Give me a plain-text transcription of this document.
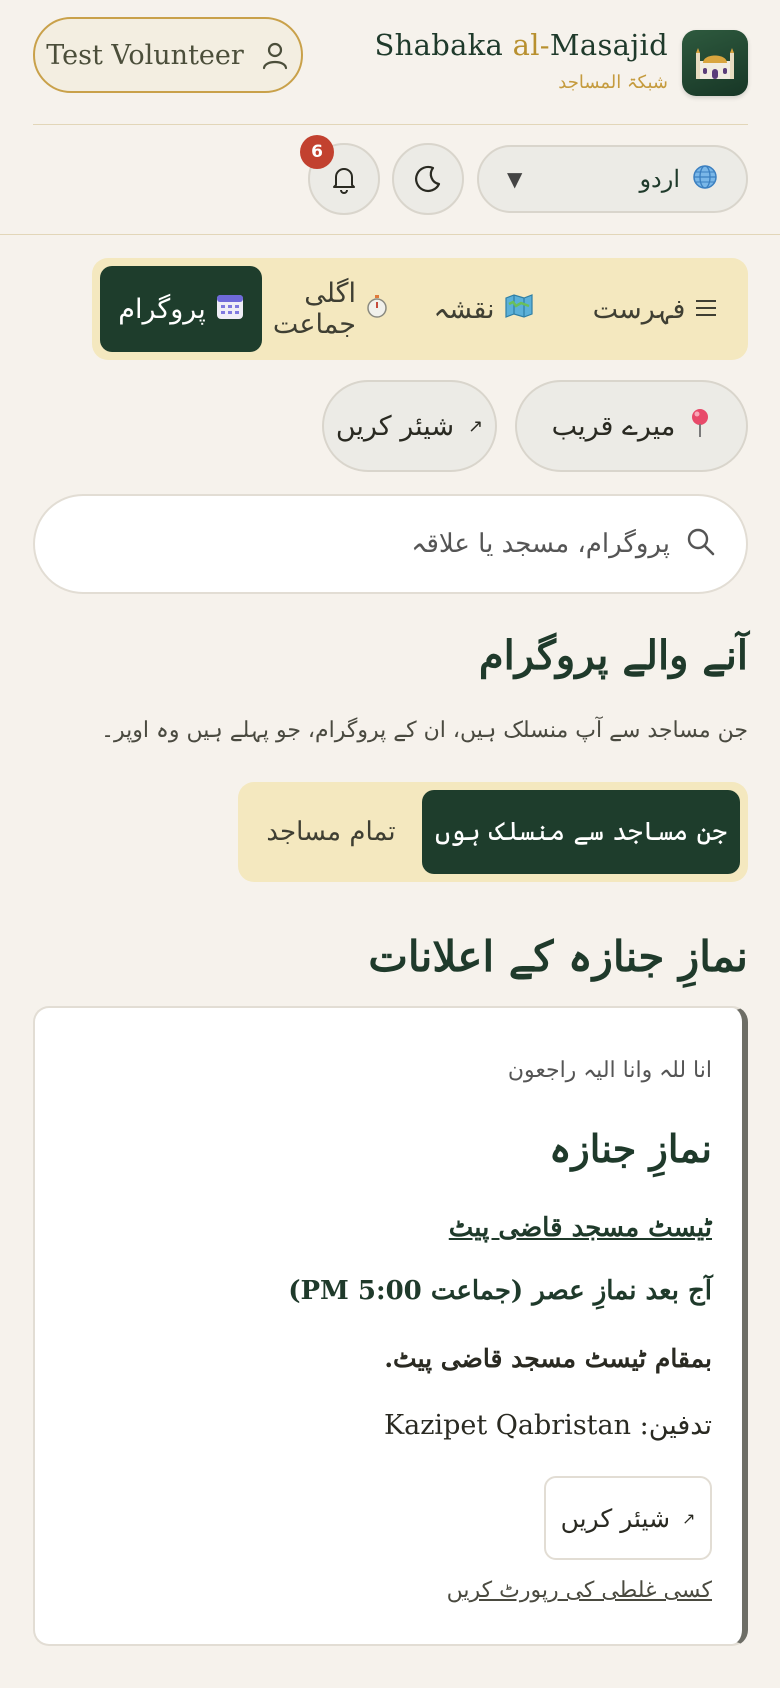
Test Volunteer	Shabaka al-Masajid
شبکۃ المساجد
اردو
▼
6
فہرست
نقشہ
اگلی جماعت
پروگرام
میرے قریب
↗
شیئر کریں
پروگرام، مسجد یا علاقہ
آنے والے پروگرام
جن مساجد سے آپ منسلک ہیں، ان کے پروگرام، جو پہلے ہیں وہ اوپر۔
جن مساجد سے منسلک ہوں
تمام مساجد
نمازِ جنازہ کے اعلانات
انا للہ وانا الیہ راجعون
نمازِ جنازہ
ٹیسٹ مسجد قاضی پیٹ
آج بعد نمازِ عصر (جماعت 5:00 PM)
بمقام ٹیسٹ مسجد قاضی پیٹ.
تدفین: Kazipet Qabristan
↗
شیئر کریں
کسی غلطی کی رپورٹ کریں
